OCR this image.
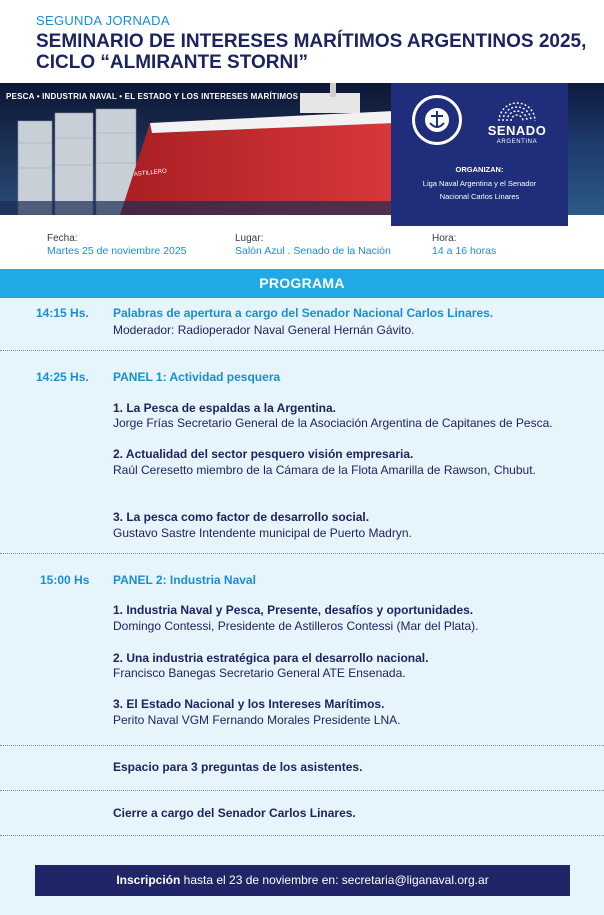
SEGUNDA JORNADA
SEMINARIO DE INTERESES MARÍTIMOS ARGENTINOS 2025,
CICLO “ALMIRANTE STORNI”
ASTILLERO
PESCA • INDUSTRIA NAVAL • EL ESTADO Y LOS INTERESES MARÍTIMOS
SENADO
ARGENTINA
ORGANIZAN:
Liga Naval Argentina y el Senador
Nacional Carlos Linares
Fecha:
Martes 25 de noviembre 2025
Lugar:
Salón Azul . Senado de la Nación
Hora:
14 a 16 horas
PROGRAMA
14:15 Hs. Palabras de apertura a cargo del Senador Nacional Carlos Linares.
Moderador: Radioperador Naval General Hernán Gávito.
14:25 Hs. PANEL 1: Actividad pesquera
1. La Pesca de espaldas a la Argentina.
Jorge Frías Secretario General de la Asociación Argentina de Capitanes de Pesca.
2. Actualidad del sector pesquero visión empresaria.
Raúl Ceresetto miembro de la Cámara de la Flota Amarilla de Rawson, Chubut.
3. La pesca como factor de desarrollo social.
Gustavo Sastre Intendente municipal de Puerto Madryn.
15:00 Hs PANEL 2: Industria Naval
1. Industria Naval y Pesca, Presente, desafíos y oportunidades.
Domingo Contessi, Presidente de Astilleros Contessi (Mar del Plata).
2. Una industria estratégica para el desarrollo nacional.
Francisco Banegas Secretario General ATE Ensenada.
3. El Estado Nacional y los Intereses Marítimos.
Perito Naval VGM Fernando Morales Presidente LNA.
Espacio para 3 preguntas de los asistentes.
Cierre a cargo del Senador Carlos Linares.
Inscripción hasta el 23 de noviembre en: secretaria@liganaval.org.ar
